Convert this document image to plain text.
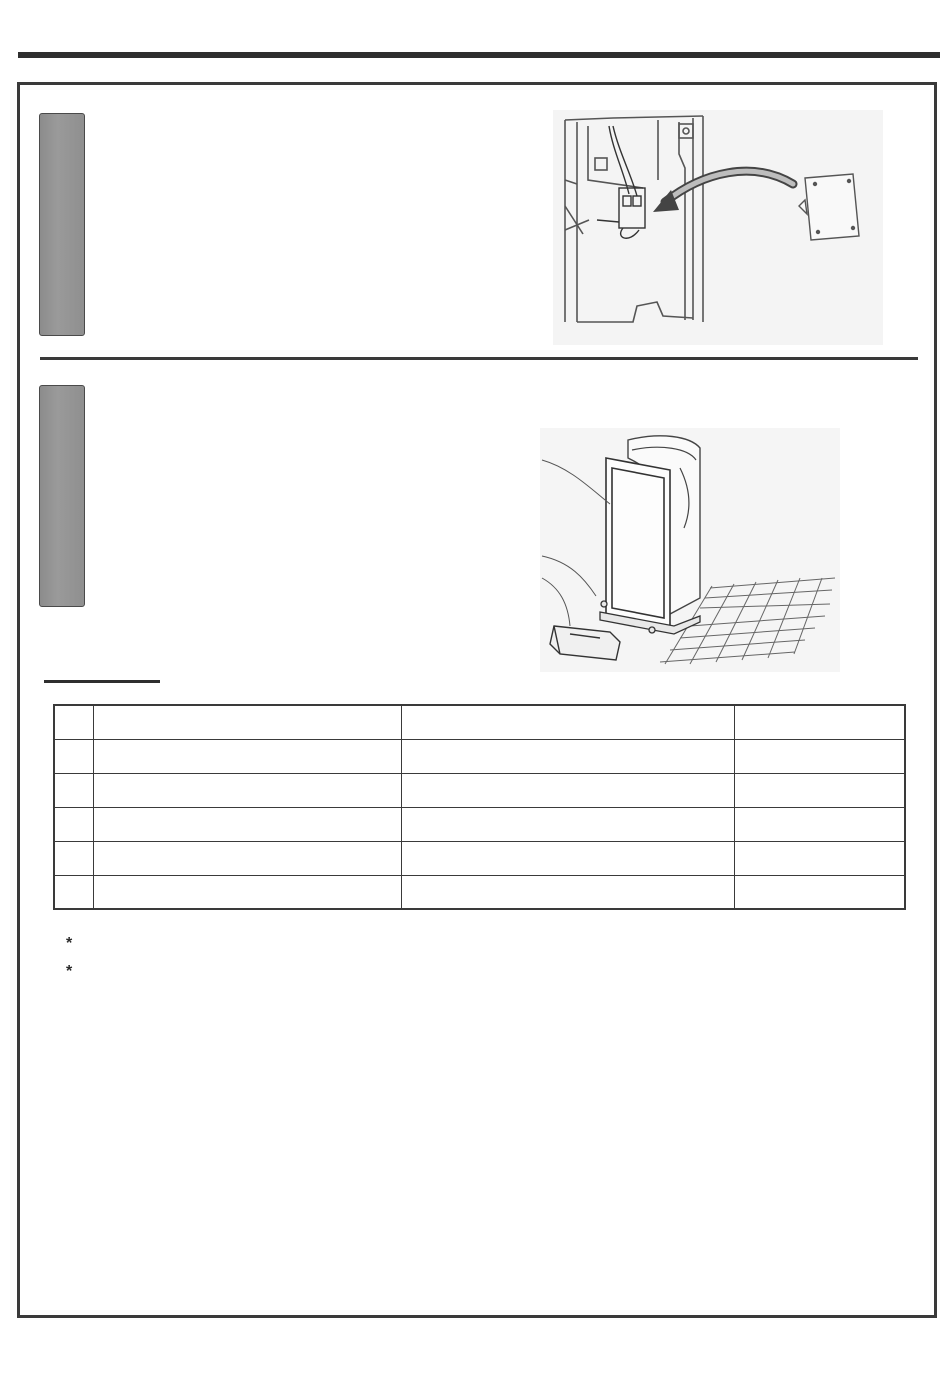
*
*
